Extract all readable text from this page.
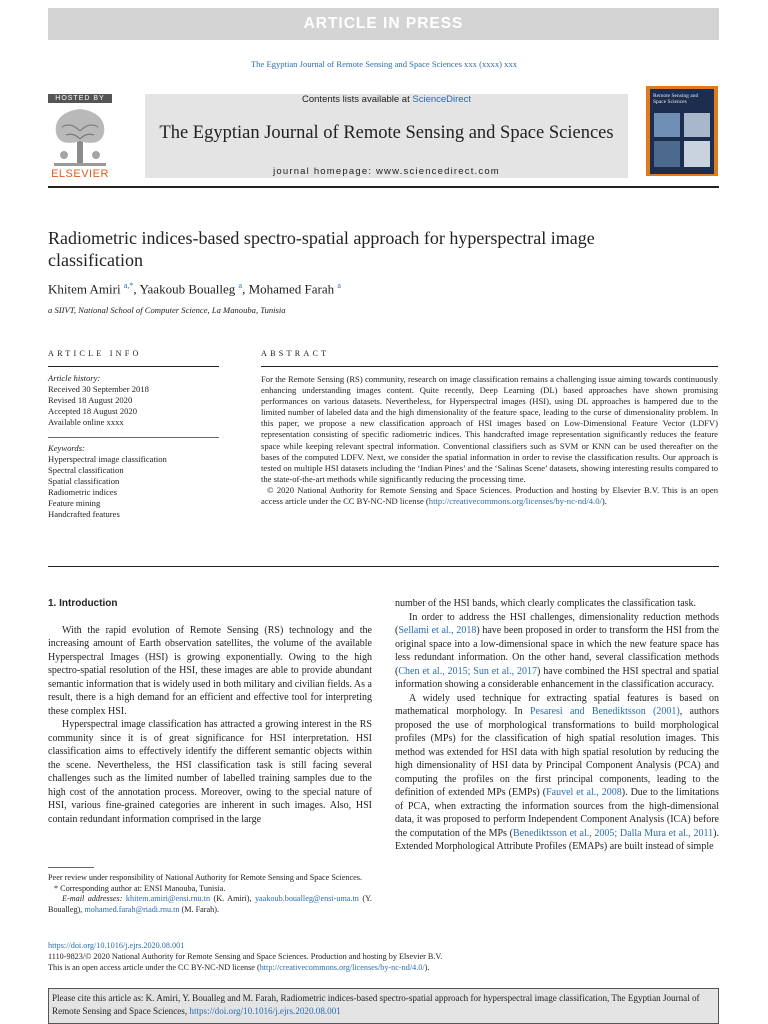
ARTICLE IN PRESS
The Egyptian Journal of Remote Sensing and Space Sciences xxx (xxxx) xxx
HOSTED BY
ELSEVIER
Contents lists available at ScienceDirect
The Egyptian Journal of Remote Sensing and Space Sciences
journal homepage: www.sciencedirect.com
Remote Sensing and Space Sciences
Radiometric indices-based spectro-spatial approach for hyperspectral image classification
Khitem Amiri $^{a,*}$, Yaakoub Boualleg $^a$, Mohamed Farah $^a$
a SIIVT, National School of Computer Science, La Manouba, Tunisia
ARTICLE INFO
Article history:
Received 30 September 2018
Revised 18 August 2020
Accepted 18 August 2020
Available online xxxx
Keywords:
Hyperspectral image classification
Spectral classification
Spatial classification
Radiometric indices
Feature mining
Handcrafted features
ABSTRACT
For the Remote Sensing (RS) community, research on image classification remains a challenging issue aiming towards continuously enhancing understanding images content. Quite recently, Deep Learning (DL) based approaches have shown promising performances on various datasets. Nevertheless, for Hyperspectral images (HSI), using DL approaches is hampered due to the limited number of labeled data and the high dimensionality of the feature space, leading to the curse of dimensionality problem. In this paper, we propose a new classification approach of HSI images based on Low-Dimensional Feature Vector (LDFV) representation consisting of specific radiometric indices. This handcrafted image representation significantly reduces the feature space while keeping relevant spectral information. Conventional classifiers such as SVM or KNN can be used thereafter on the bases of the computed LDFV. Next, we consider the spatial information in order to revise the classification results. Our approach is tested on multiple HSI datasets including the ‘Indian Pines’ and the ‘Salinas Scene’ datasets, showing interesting results compared to the state-of-the-art methods while significantly reducing the processing time.
© 2020 National Authority for Remote Sensing and Space Sciences. Production and hosting by Elsevier B.V. This is an open access article under the CC BY-NC-ND license (http://creativecommons.org/licenses/by-nc-nd/4.0/).

1. Introduction

With the rapid evolution of Remote Sensing (RS) technology and the increasing amount of Earth observation satellites, the volume of the available Hyperspectral Images (HSI) is growing exponentially. Owing to the high spectro-spatial resolution of the HSI, these images are able to provide abundant semantic information that is widely used in both military and civilian fields. As a result, there is a high demand for an efficient and effective tool for interpreting these complex HSI.

Hyperspectral image classification has attracted a growing interest in the RS community since it is of great significance for HSI interpretation. HSI classification aims to effectively identify the different semantic objects within the scene. Nevertheless, the HSI classification task is still facing several challenges such as the limited number of labelled training samples due to the high cost of the annotation process. Moreover, owing to the special nature of HSI, various fine-grained categories are inherent in such images. Also, HSI contain redundant information comprised in the large

number of the HSI bands, which clearly complicates the classification task.

In order to address the HSI challenges, dimensionality reduction methods (Sellami et al., 2018) have been proposed in order to transform the HSI from the original space into a low-dimensional space in which the new feature space has less redundant information. On the other hand, several classification methods (Chen et al., 2015; Sun et al., 2017) have combined the HSI spectral and spatial information showing a considerable enhancement in the classification accuracy.

A widely used technique for extracting spatial features is based on mathematical morphology. In Pesaresi and Benediktsson (2001), authors proposed the use of morphological transformations to build morphological profiles (MPs) for the classification of high spatial resolution images. This method was extended for HSI data with high spatial resolution by reducing the high dimensionality of HSI data by Principal Component Analysis (PCA) and computing the profiles on the first principal components, leading to the definition of extended MPs (EMPs) (Fauvel et al., 2008). Due to the limitations of PCA, when extracting the information sources from the high-dimensional data, it was proposed to perform Independent Component Analysis (ICA) before the computation of the MPs (Benediktsson et al., 2005; Dalla Mura et al., 2011). Extended Morphological Attribute Profiles (EMAPs) are built instead of simple

Peer review under responsibility of National Authority for Remote Sensing and Space Sciences.
* Corresponding author at: ENSI Manouba, Tunisia.
E-mail addresses: khitem.amiri@ensi.rnu.tn (K. Amiri), yaakoub.boualleg@ensi-uma.tn (Y. Boualleg), mohamed.farah@riadi.rnu.tn (M. Farah).
https://doi.org/10.1016/j.ejrs.2020.08.001
1110-9823/© 2020 National Authority for Remote Sensing and Space Sciences. Production and hosting by Elsevier B.V.
This is an open access article under the CC BY-NC-ND license (http://creativecommons.org/licenses/by-nc-nd/4.0/).
Please cite this article as: K. Amiri, Y. Boualleg and M. Farah, Radiometric indices-based spectro-spatial approach for hyperspectral image classification, The Egyptian Journal of Remote Sensing and Space Sciences, https://doi.org/10.1016/j.ejrs.2020.08.001
